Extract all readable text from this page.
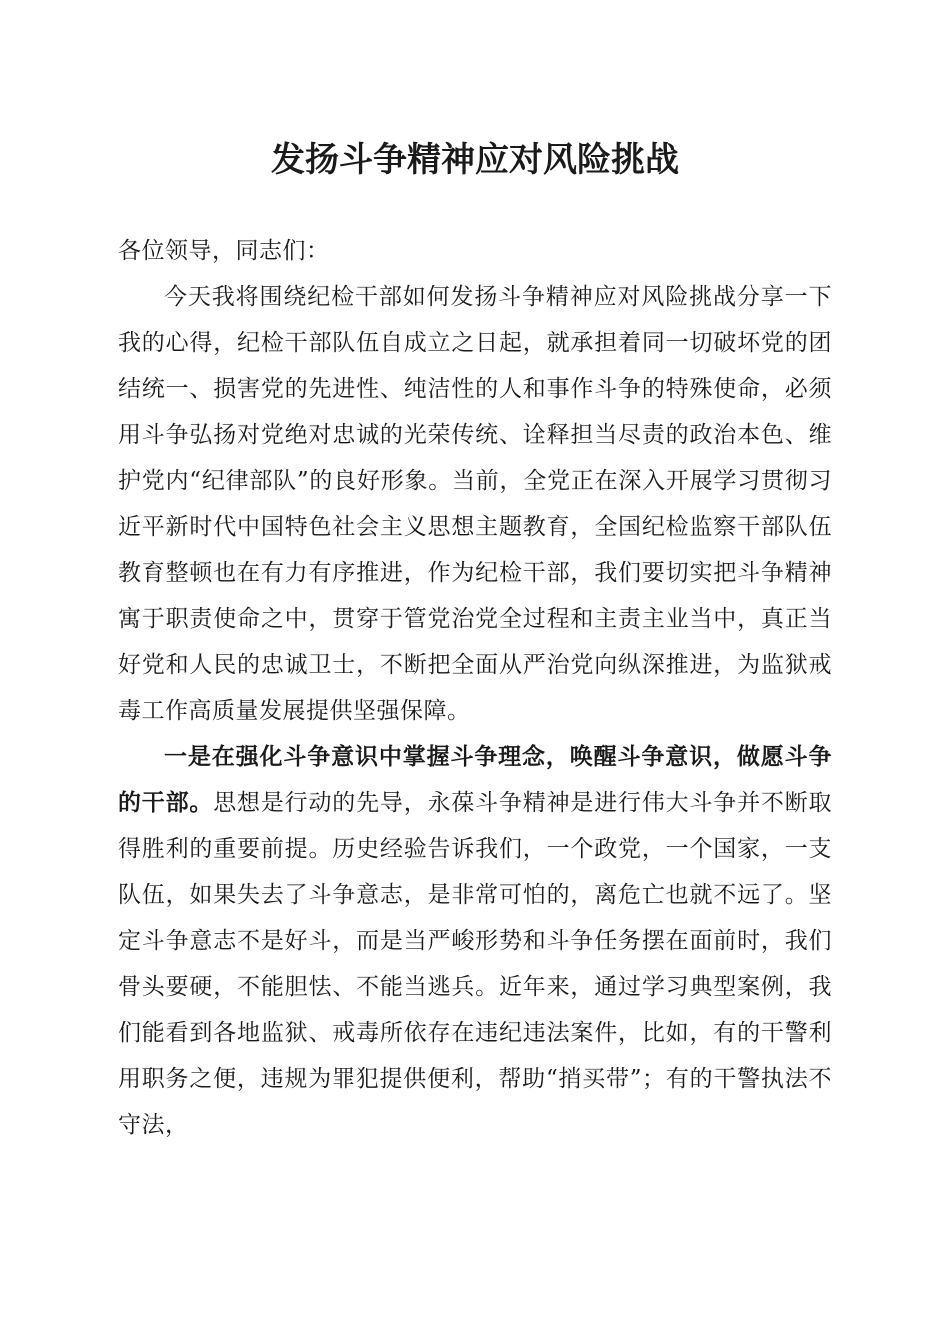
发扬斗争精神应对风险挑战

各位领导，同志们：

今天我将围绕纪检干部如何发扬斗争精神应对风险挑战分享一下我的心得，纪检干部队伍自成立之日起，就承担着同一切破坏党的团结统一、损害党的先进性、纯洁性的人和事作斗争的特殊使命，必须用斗争弘扬对党绝对忠诚的光荣传统、诠释担当尽责的政治本色、维护党内“纪律部队”的良好形象。当前，全党正在深入开展学习贯彻习近平新时代中国特色社会主义思想主题教育，全国纪检监察干部队伍教育整顿也在有力有序推进，作为纪检干部，我们要切实把斗争精神寓于职责使命之中，贯穿于管党治党全过程和主责主业当中，真正当好党和人民的忠诚卫士，不断把全面从严治党向纵深推进，为监狱戒毒工作高质量发展提供坚强保障。

一是在强化斗争意识中掌握斗争理念，唤醒斗争意识，做愿斗争的干部。思想是行动的先导，永葆斗争精神是进行伟大斗争并不断取得胜利的重要前提。历史经验告诉我们，一个政党，一个国家，一支队伍，如果失去了斗争意志，是非常可怕的，离危亡也就不远了。坚定斗争意志不是好斗，而是当严峻形势和斗争任务摆在面前时，我们骨头要硬，不能胆怯、不能当逃兵。近年来，通过学习典型案例，我们能看到各地监狱、戒毒所依存在违纪违法案件，比如，有的干警利用职务之便，违规为罪犯提供便利，帮助“捎买带”；有的干警执法不守法，
